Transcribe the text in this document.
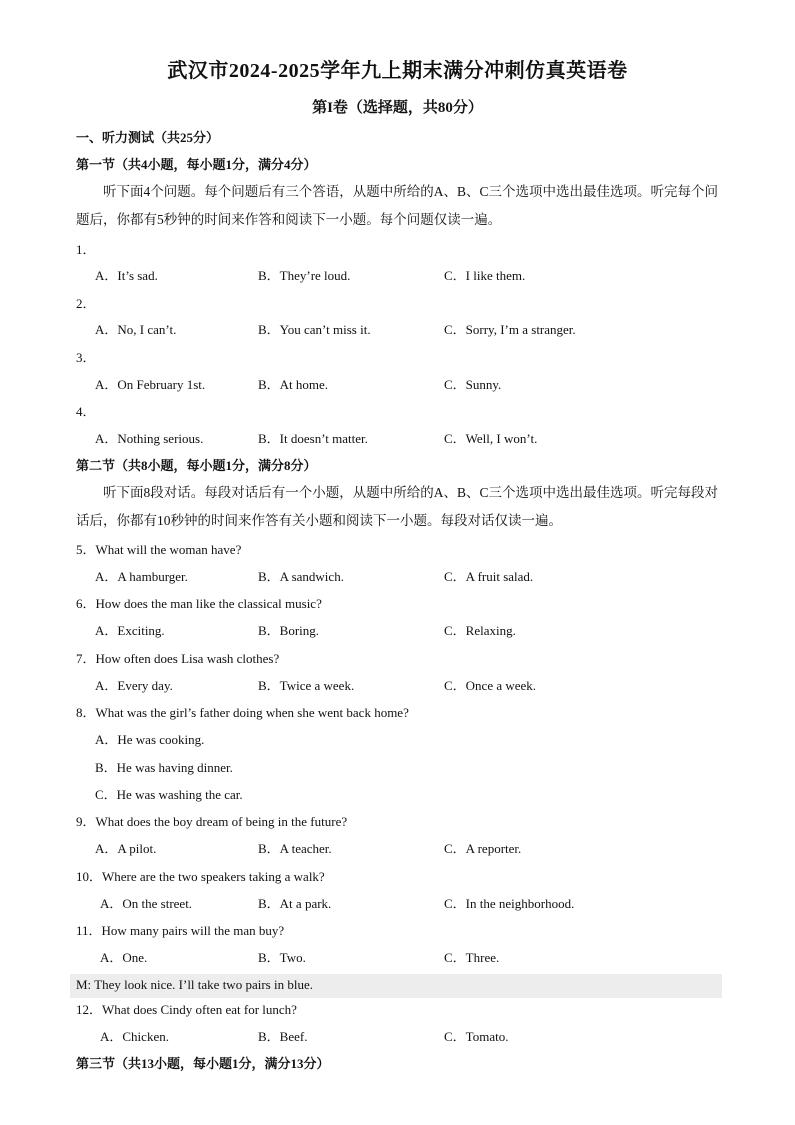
武汉市2024-2025学年九上期末满分冲刺仿真英语卷
第I卷（选择题，共80分）
一、听力测试（共25分）
第一节（共4小题，每小题1分，满分4分）
听下面4个问题。每个问题后有三个答语，从题中所给的A、B、C三个选项中选出最佳选项。听完每个问题后，你都有5秒钟的时间来作答和阅读下一小题。每个问题仅读一遍。
1．
A．It’s sad.	B．They’re loud.	C．I like them.
2．
A．No, I can’t.	B．You can’t miss it.	C．Sorry, I’m a stranger.
3．
A．On February 1st.	B．At home.	C．Sunny.
4．
A．Nothing serious.	B．It doesn’t matter.	C．Well, I won’t.
第二节（共8小题，每小题1分，满分8分）
听下面8段对话。每段对话后有一个小题，从题中所给的A、B、C三个选项中选出最佳选项。听完每段对话后，你都有10秒钟的时间来作答有关小题和阅读下一小题。每段对话仅读一遍。
5．What will the woman have?
A．A hamburger.	B．A sandwich.	C．A fruit salad.
6．How does the man like the classical music?
A．Exciting.	B．Boring.	C．Relaxing.
7．How often does Lisa wash clothes?
A．Every day.	B．Twice a week.	C．Once a week.
8．What was the girl’s father doing when she went back home?
A．He was cooking.
B．He was having dinner.
C．He was washing the car.
9．What does the boy dream of being in the future?
A．A pilot.	B．A teacher.	C．A reporter.
10．Where are the two speakers taking a walk?
A．On the street.	B．At a park.	C．In the neighborhood.
11．How many pairs will the man buy?
A．One.	B．Two.	C．Three.
M: They look nice. I’ll take two pairs in blue.
12．What does Cindy often eat for lunch?
A．Chicken.	B．Beef.	C．Tomato.
第三节（共13小题，每小题1分，满分13分）
